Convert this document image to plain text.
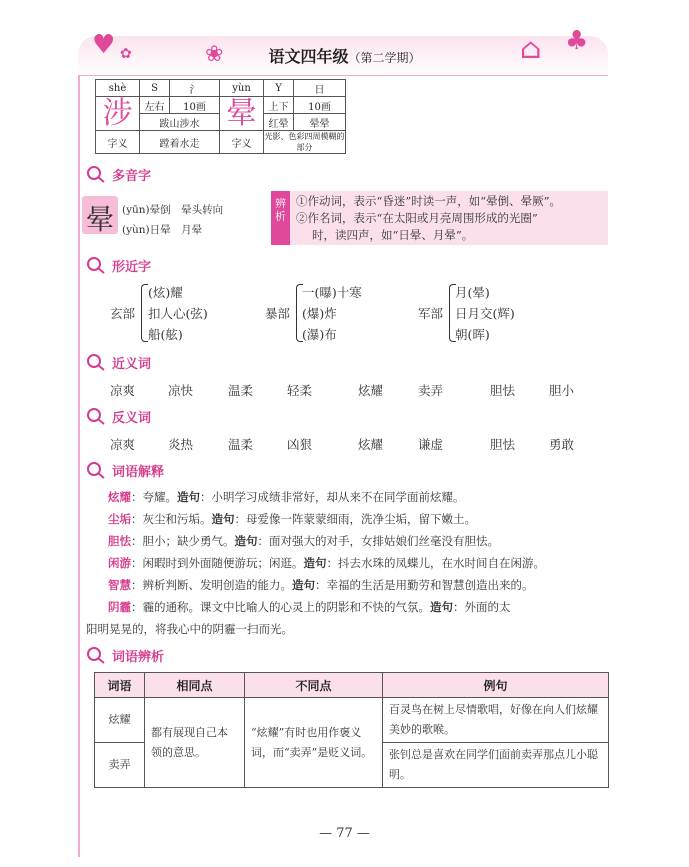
♥ ✿	❀	⌂ ♣
语文四年级（第二学期）
shè	S	氵	yùn	Y	日
涉	左右	10画	晕	上下	10画
	跋山涉水			红晕	晕晕
字义	蹚着水走		字义	光影、色彩四周模糊的部分	
多音字
晕 (yūn)晕倒　晕头转向
(yùn)日晕　月晕
辨析
①作动词，表示“昏迷”时读一声，如“晕倒、晕厥”。
②作名词，表示“在太阳或月亮周围形成的光圈”
时，读四声，如“日晕、月晕”。
形近字
玄部
(炫)耀
扣人心(弦)
船(舷)
暴部
一(曝)十寒
(爆)炸
(瀑)布
军部
月(晕)
日月交(辉)
朝(晖)
近义词
凉爽	凉快	温柔	轻柔	炫耀	卖弄	胆怯	胆小
反义词
凉爽	炎热	温柔	凶狠	炫耀	谦虚	胆怯	勇敢
词语解释
炫耀：夸耀。造句：小明学习成绩非常好，却从来不在同学面前炫耀。
尘垢：灰尘和污垢。造句：母爱像一阵蒙蒙细雨，洗净尘垢，留下嫩土。
胆怯：胆小；缺少勇气。造句：面对强大的对手，女排姑娘们丝毫没有胆怯。
闲游：闲暇时到外面随便游玩；闲逛。造句：抖去水珠的凤蝶儿，在水时间自在闲游。
智慧：辨析判断、发明创造的能力。造句：幸福的生活是用勤劳和智慧创造出来的。
阴霾：霾的通称。课文中比喻人的心灵上的阴影和不快的气氛。造句：外面的太
阳明晃晃的，将我心中的阴霾一扫而光。
词语辨析
词语	相同点	不同点	例句
炫耀	都有展现自己本领的意思。	“炫耀”有时也用作褒义词，而“卖弄”是贬义词。	百灵鸟在树上尽情歌唱，好像在向人们炫耀美妙的歌喉。
卖弄			张钊总是喜欢在同学们面前卖弄那点儿小聪明。
— 77 —
